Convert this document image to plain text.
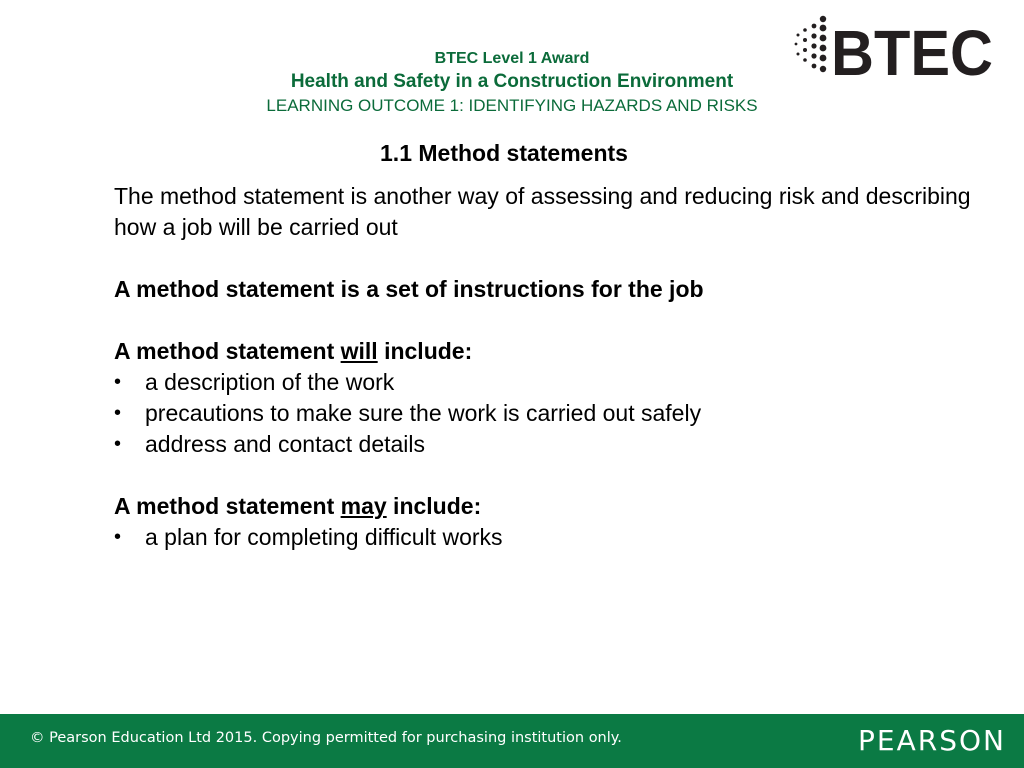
BTEC Level 1 Award
Health and Safety in a Construction Environment
LEARNING OUTCOME 1: IDENTIFYING HAZARDS AND RISKS
BTEC
1.1 Method statements

The method statement is another way of assessing and reducing risk and describing how a job will be carried out

A method statement is a set of instructions for the job

A method statement will include:

• a description of the work
• precautions to make sure the work is carried out safely
• address and contact details

A method statement may include:

• a plan for completing difficult works
© Pearson Education Ltd 2015. Copying permitted for purchasing institution only.	PEARSON
